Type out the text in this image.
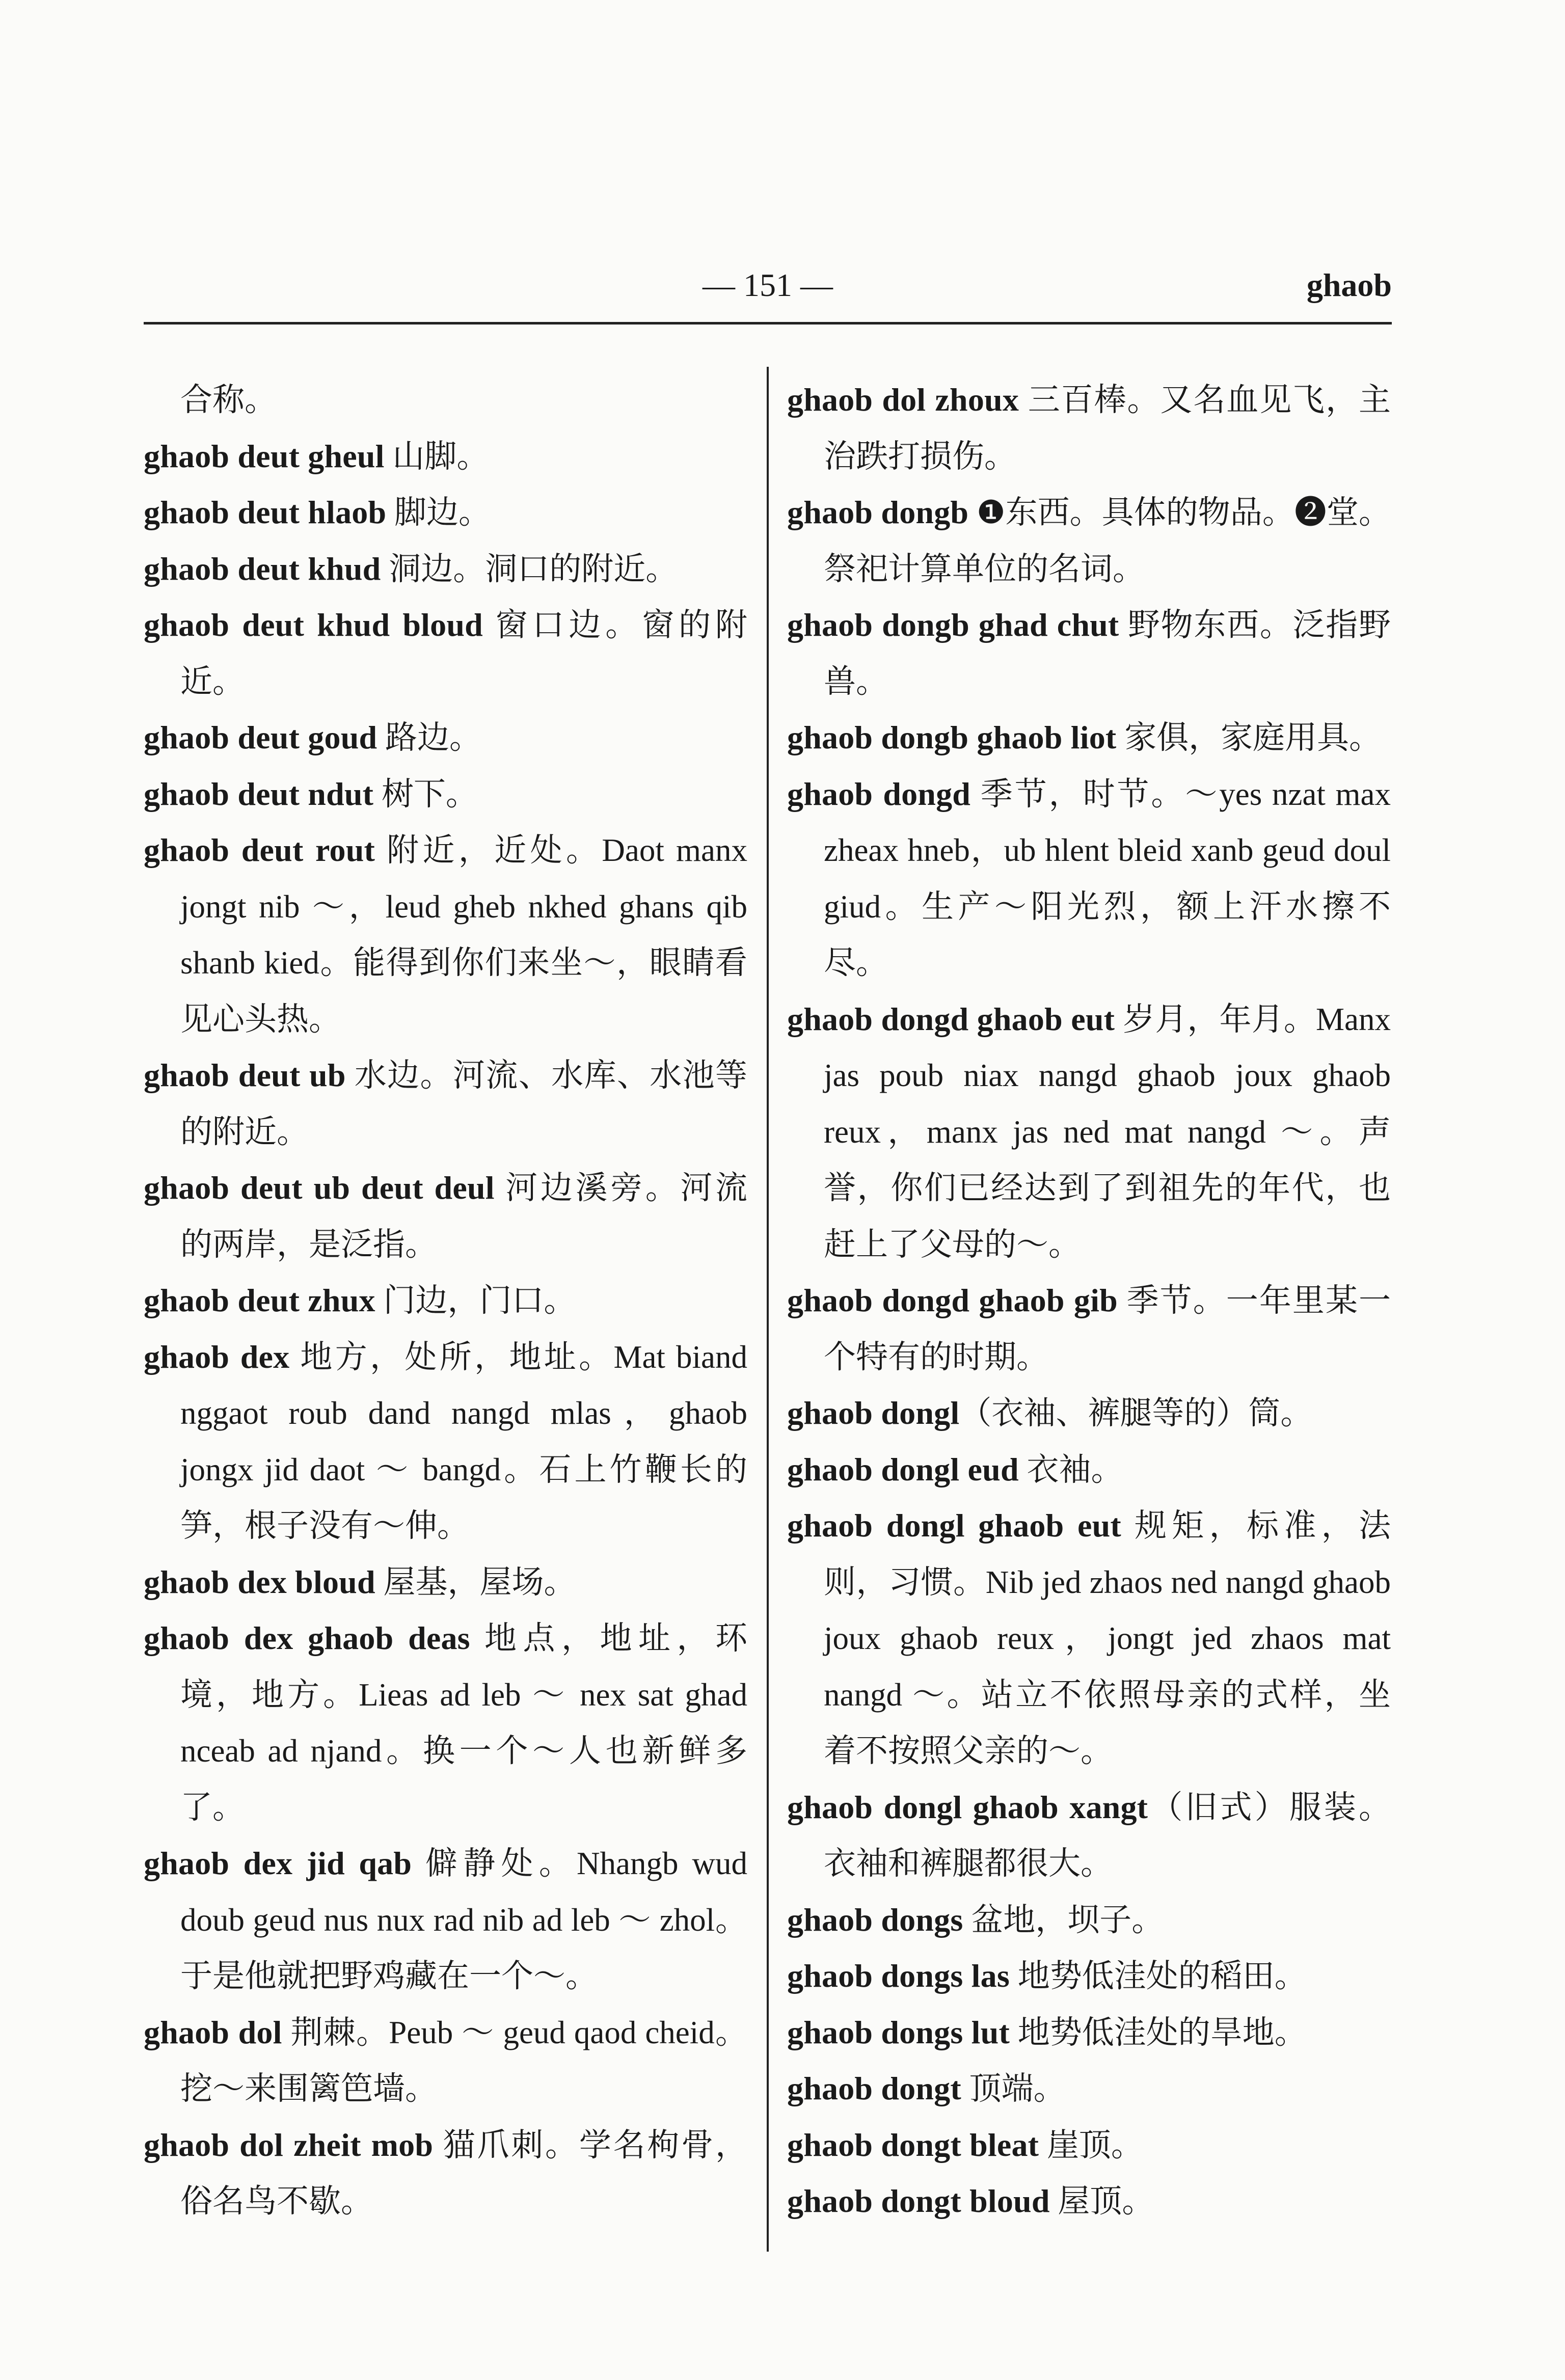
— 151 —	ghaob

合称。

ghaob deut gheul 山脚。

ghaob deut hlaob 脚边。

ghaob deut khud 洞边。洞口的附近。

ghaob deut khud bloud 窗口边。窗的附近。

ghaob deut goud 路边。

ghaob deut ndut 树下。

ghaob deut rout 附近，近处。Daot manx jongt nib ～，leud gheb nkhed ghans qib shanb kied。能得到你们来坐～，眼睛看见心头热。

ghaob deut ub 水边。河流、水库、水池等的附近。

ghaob deut ub deut deul 河边溪旁。河流的两岸，是泛指。

ghaob deut zhux 门边，门口。

ghaob dex 地方，处所，地址。Mat biand nggaot roub dand nangd mlas，ghaob jongx jid daot ～ bangd。石上竹鞭长的笋，根子没有～伸。

ghaob dex bloud 屋基，屋场。

ghaob dex ghaob deas 地点，地址，环境，地方。Lieas ad leb ～ nex sat ghad nceab ad njand。换一个～人也新鲜多了。

ghaob dex jid qab 僻静处。Nhangb wud doub geud nus nux rad nib ad leb ～ zhol。于是他就把野鸡藏在一个～。

ghaob dol 荆棘。Peub ～ geud qaod cheid。挖～来围篱笆墙。

ghaob dol zheit mob 猫爪刺。学名枸骨，俗名鸟不歇。

ghaob dol zhoux 三百棒。又名血见飞，主治跌打损伤。

ghaob dongb ❶东西。具体的物品。❷堂。祭祀计算单位的名词。

ghaob dongb ghad chut 野物东西。泛指野兽。

ghaob dongb ghaob liot 家俱，家庭用具。

ghaob dongd 季节，时节。～yes nzat max zheax hneb，ub hlent bleid xanb geud doul giud。生产～阳光烈，额上汗水擦不尽。

ghaob dongd ghaob eut 岁月，年月。Manx jas poub niax nangd ghaob joux ghaob reux，manx jas ned mat nangd ～。声誉，你们已经达到了到祖先的年代，也赶上了父母的～。

ghaob dongd ghaob gib 季节。一年里某一个特有的时期。

ghaob dongl（衣袖、裤腿等的）筒。

ghaob dongl eud 衣袖。

ghaob dongl ghaob eut 规矩，标准，法则，习惯。Nib jed zhaos ned nangd ghaob joux ghaob reux，jongt jed zhaos mat nangd ～。站立不依照母亲的式样，坐着不按照父亲的～。

ghaob dongl ghaob xangt（旧式）服装。衣袖和裤腿都很大。

ghaob dongs 盆地，坝子。

ghaob dongs las 地势低洼处的稻田。

ghaob dongs lut 地势低洼处的旱地。

ghaob dongt 顶端。

ghaob dongt bleat 崖顶。

ghaob dongt bloud 屋顶。
